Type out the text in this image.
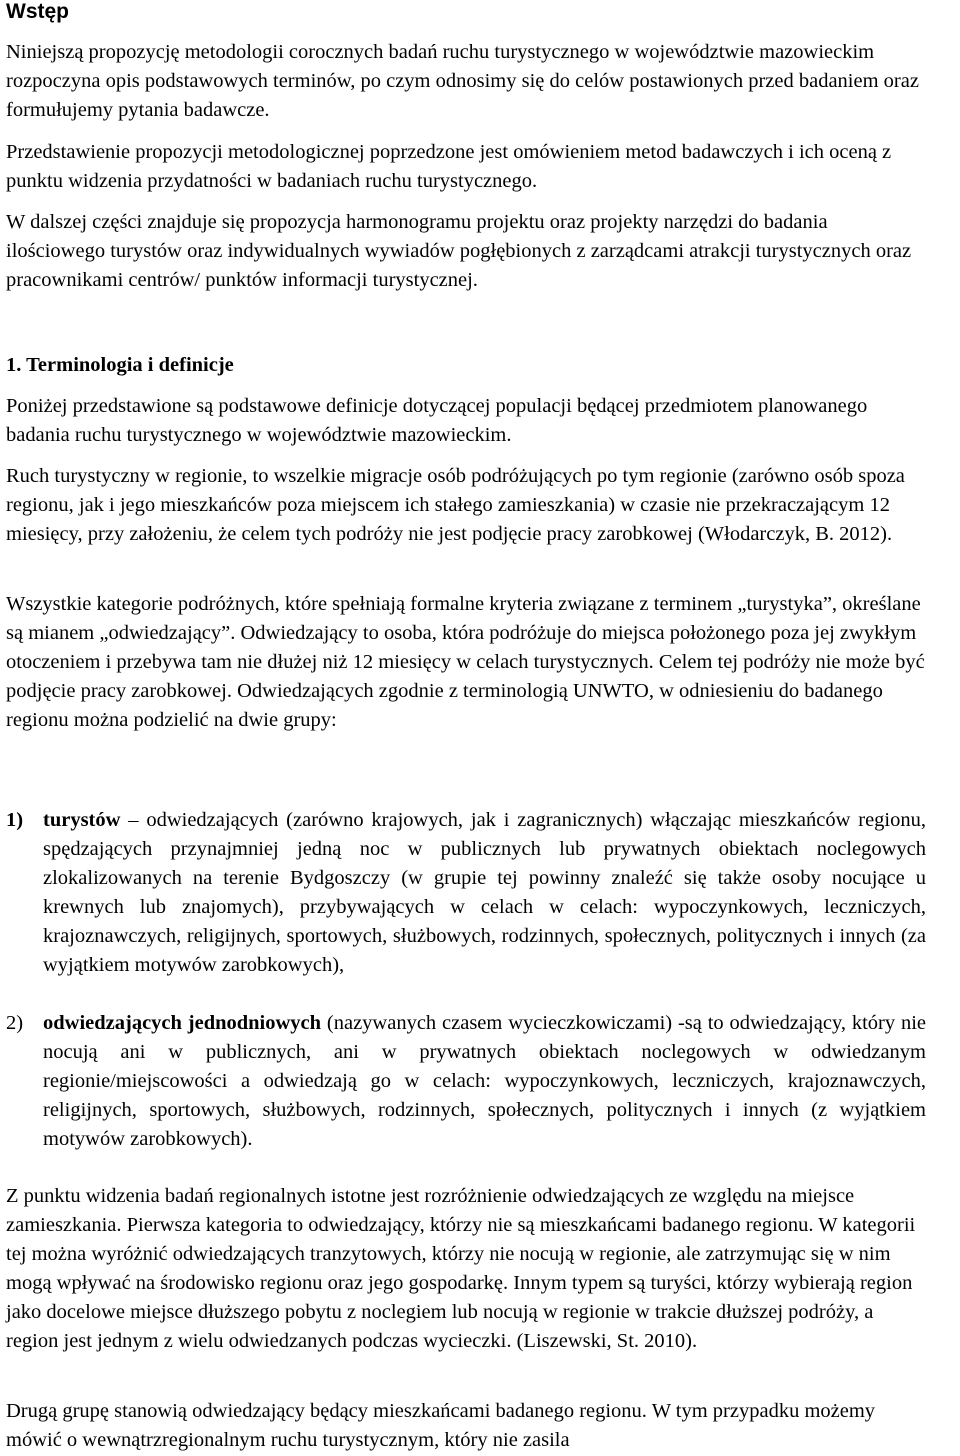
Wstęp

Niniejszą propozycję metodologii corocznych badań ruchu turystycznego w województwie mazowieckim rozpoczyna opis podstawowych terminów, po czym odnosimy się do celów postawionych przed badaniem oraz formułujemy pytania badawcze.

Przedstawienie propozycji metodologicznej poprzedzone jest omówieniem metod badawczych i ich oceną z punktu widzenia przydatności w badaniach ruchu turystycznego.

W dalszej części znajduje się propozycja harmonogramu projektu oraz projekty narzędzi do badania ilościowego turystów oraz indywidualnych wywiadów pogłębionych z zarządcami atrakcji turystycznych oraz pracownikami centrów/ punktów informacji turystycznej.

1. Terminologia i definicje

Poniżej przedstawione są podstawowe definicje dotyczącej populacji będącej przedmiotem planowanego badania ruchu turystycznego w województwie mazowieckim.

Ruch turystyczny w regionie, to wszelkie migracje osób podróżujących po tym regionie (zarówno osób spoza regionu, jak i jego mieszkańców poza miejscem ich stałego zamieszkania) w czasie nie przekraczającym 12 miesięcy, przy założeniu, że celem tych podróży nie jest podjęcie pracy zarobkowej (Włodarczyk, B. 2012).

Wszystkie kategorie podróżnych, które spełniają formalne kryteria związane z terminem „turystyka”, określane są mianem „odwiedzający”. Odwiedzający to osoba, która podróżuje do miejsca położonego poza jej zwykłym otoczeniem i przebywa tam nie dłużej niż 12 miesięcy w celach turystycznych. Celem tej podróży nie może być podjęcie pracy zarobkowej. Odwiedzających zgodnie z terminologią UNWTO, w odniesieniu do badanego regionu można podzielić na dwie grupy:

1) turystów – odwiedzających (zarówno krajowych, jak i zagranicznych) włączając mieszkańców regionu, spędzających przynajmniej jedną noc w publicznych lub prywatnych obiektach noclegowych zlokalizowanych na terenie Bydgoszczy (w grupie tej powinny znaleźć się także osoby nocujące u krewnych lub znajomych), przybywających w celach w celach: wypoczynkowych, leczniczych, krajoznawczych, religijnych, sportowych, służbowych, rodzinnych, społecznych, politycznych i innych (za wyjątkiem motywów zarobkowych),

2) odwiedzających jednodniowych (nazywanych czasem wycieczkowiczami) -są to odwiedzający, który nie nocują ani w publicznych, ani w prywatnych obiektach noclegowych w odwiedzanym regionie/miejscowości a odwiedzają go w celach: wypoczynkowych, leczniczych, krajoznawczych, religijnych, sportowych, służbowych, rodzinnych, społecznych, politycznych i innych (z wyjątkiem motywów zarobkowych).

Z punktu widzenia badań regionalnych istotne jest rozróżnienie odwiedzających ze względu na miejsce zamieszkania. Pierwsza kategoria to odwiedzający, którzy nie są mieszkańcami badanego regionu. W kategorii tej można wyróżnić odwiedzających tranzytowych, którzy nie nocują w regionie, ale zatrzymując się w nim mogą wpływać na środowisko regionu oraz jego gospodarkę. Innym typem są turyści, którzy wybierają region jako docelowe miejsce dłuższego pobytu z noclegiem lub nocują w regionie w trakcie dłuższej podróży, a region jest jednym z wielu odwiedzanych podczas wycieczki. (Liszewski, St. 2010).

Drugą grupę stanowią odwiedzający będący mieszkańcami badanego regionu. W tym przypadku możemy mówić o wewnątrzregionalnym ruchu turystycznym, który nie zasila
